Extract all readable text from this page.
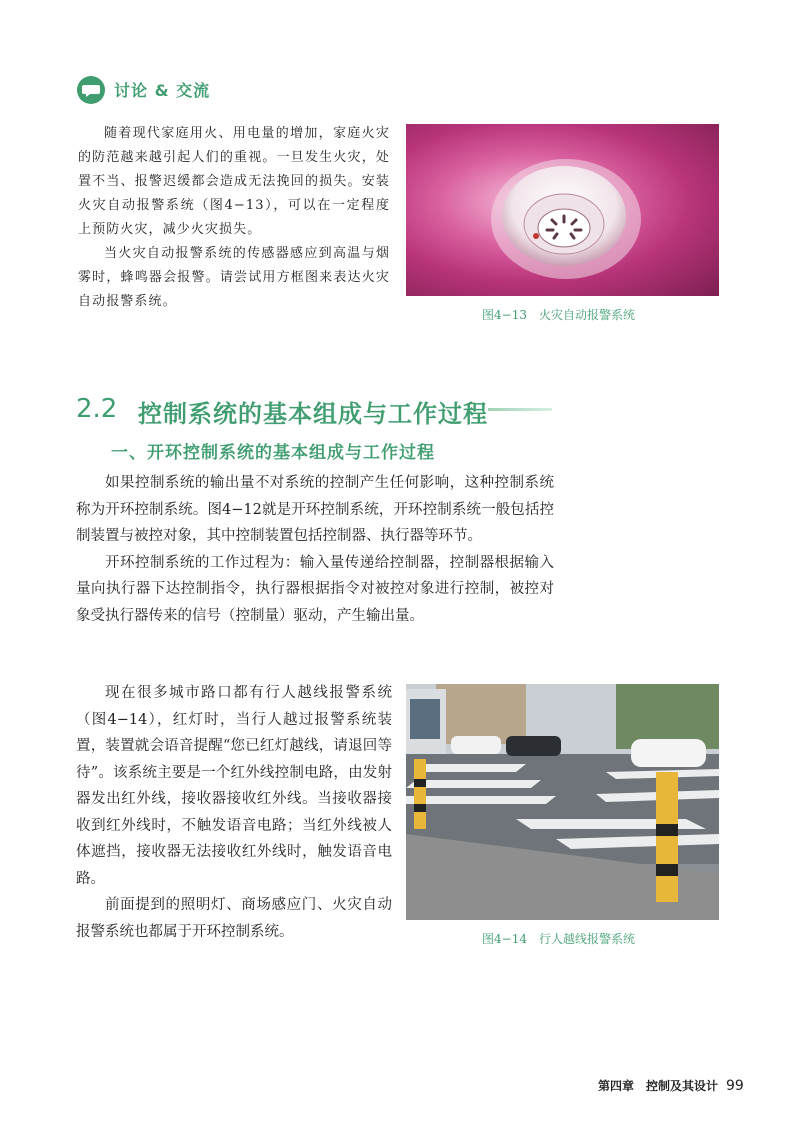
讨论 & 交流

随着现代家庭用火、用电量的增加，家庭火灾的防范越来越引起人们的重视。一旦发生火灾，处置不当、报警迟缓都会造成无法挽回的损失。安装火灾自动报警系统（图4−13），可以在一定程度上预防火灾，减少火灾损失。

当火灾自动报警系统的传感器感应到高温与烟雾时，蜂鸣器会报警。请尝试用方框图来表达火灾自动报警系统。

图4−13　火灾自动报警系统
2.2 控制系统的基本组成与工作过程
一、开环控制系统的基本组成与工作过程

如果控制系统的输出量不对系统的控制产生任何影响，这种控制系统称为开环控制系统。图4−12就是开环控制系统，开环控制系统一般包括控制装置与被控对象，其中控制装置包括控制器、执行器等环节。

开环控制系统的工作过程为：输入量传递给控制器，控制器根据输入量向执行器下达控制指令，执行器根据指令对被控对象进行控制，被控对象受执行器传来的信号（控制量）驱动，产生输出量。

现在很多城市路口都有行人越线报警系统（图4−14），红灯时，当行人越过报警系统装置，装置就会语音提醒“您已红灯越线，请退回等待”。该系统主要是一个红外线控制电路，由发射器发出红外线，接收器接收红外线。当接收器接收到红外线时，不触发语音电路；当红外线被人体遮挡，接收器无法接收红外线时，触发语音电路。

前面提到的照明灯、商场感应门、火灾自动报警系统也都属于开环控制系统。	图4−14　行人越线报警系统
第四章　控制及其设计 99
